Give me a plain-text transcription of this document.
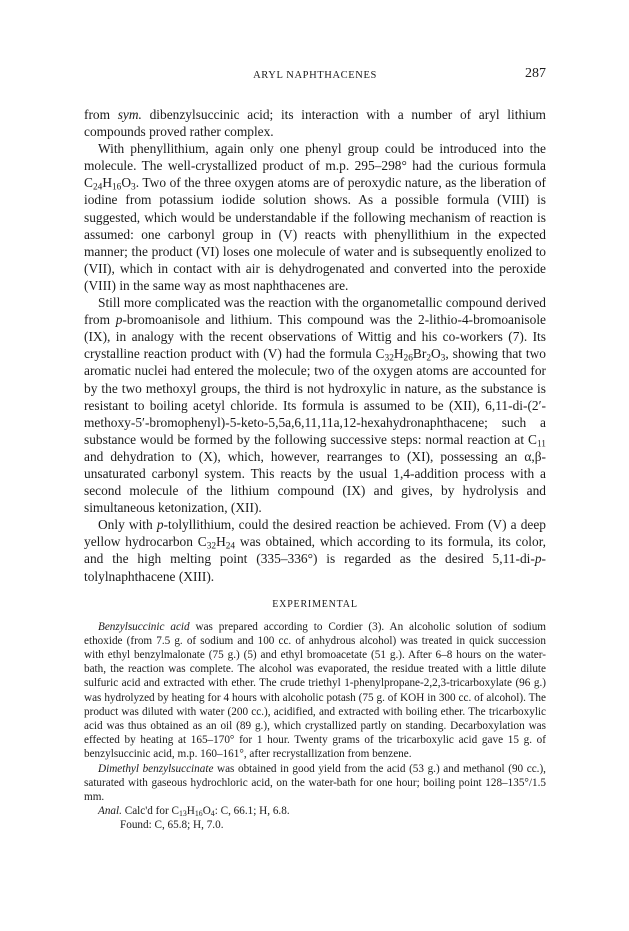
ARYL NAPHTHACENES	287

from sym. dibenzylsuccinic acid; its interaction with a number of aryl lithium compounds proved rather complex.

With phenyllithium, again only one phenyl group could be introduced into the molecule. The well-crystallized product of m.p. 295–298° had the curious formula $C_{24}H_{16}O_3$. Two of the three oxygen atoms are of peroxydic nature, as the liberation of iodine from potassium iodide solution shows. As a possible formula (VIII) is suggested, which would be understandable if the following mechanism of reaction is assumed: one carbonyl group in (V) reacts with phenyllithium in the expected manner; the product (VI) loses one molecule of water and is subsequently enolized to (VII), which in contact with air is dehydrogenated and converted into the peroxide (VIII) in the same way as most naphthacenes are.

Still more complicated was the reaction with the organometallic compound derived from p-bromoanisole and lithium. This compound was the 2-lithio-4-bromoanisole (IX), in analogy with the recent observations of Wittig and his co-workers (7). Its crystalline reaction product with (V) had the formula $C_{32}H_{26}Br_2O_3$, showing that two aromatic nuclei had entered the molecule; two of the oxygen atoms are accounted for by the two methoxyl groups, the third is not hydroxylic in nature, as the substance is resistant to boiling acetyl chloride. Its formula is assumed to be (XII), 6,11-di-(2′-methoxy-5′-bromophenyl)-5-keto-5,5a,6,11,11a,12-hexahydronaphthacene; such a substance would be formed by the following successive steps: normal reaction at $C_{11}$ and dehydration to (X), which, however, rearranges to (XI), possessing an α,β-unsaturated carbonyl system. This reacts by the usual 1,4-addition process with a second molecule of the lithium compound (IX) and gives, by hydrolysis and simultaneous ketonization, (XII).

Only with p-tolyllithium, could the desired reaction be achieved. From (V) a deep yellow hydrocarbon $C_{32}H_{24}$ was obtained, which according to its formula, its color, and the high melting point (335–336°) is regarded as the desired 5,11-di-p-tolylnaphthacene (XIII).

EXPERIMENTAL

Benzylsuccinic acid was prepared according to Cordier (3). An alcoholic solution of sodium ethoxide (from 7.5 g. of sodium and 100 cc. of anhydrous alcohol) was treated in quick succession with ethyl benzylmalonate (75 g.) (5) and ethyl bromoacetate (51 g.). After 6–8 hours on the water-bath, the reaction was complete. The alcohol was evaporated, the residue treated with a little dilute sulfuric acid and extracted with ether. The crude triethyl 1-phenylpropane-2,2,3-tricarboxylate (96 g.) was hydrolyzed by heating for 4 hours with alcoholic potash (75 g. of KOH in 300 cc. of alcohol). The product was diluted with water (200 cc.), acidified, and extracted with boiling ether. The tricarboxylic acid was thus obtained as an oil (89 g.), which crystallized partly on standing. Decarboxylation was effected by heating at 165–170° for 1 hour. Twenty grams of the tricarboxylic acid gave 15 g. of benzylsuccinic acid, m.p. 160–161°, after recrystallization from benzene.

Dimethyl benzylsuccinate was obtained in good yield from the acid (53 g.) and methanol (90 cc.), saturated with gaseous hydrochloric acid, on the water-bath for one hour; boiling point 128–135°/1.5 mm.

Anal. Calc'd for $C_{13}H_{16}O_4$: C, 66.1; H, 6.8.

Found: C, 65.8; H, 7.0.
